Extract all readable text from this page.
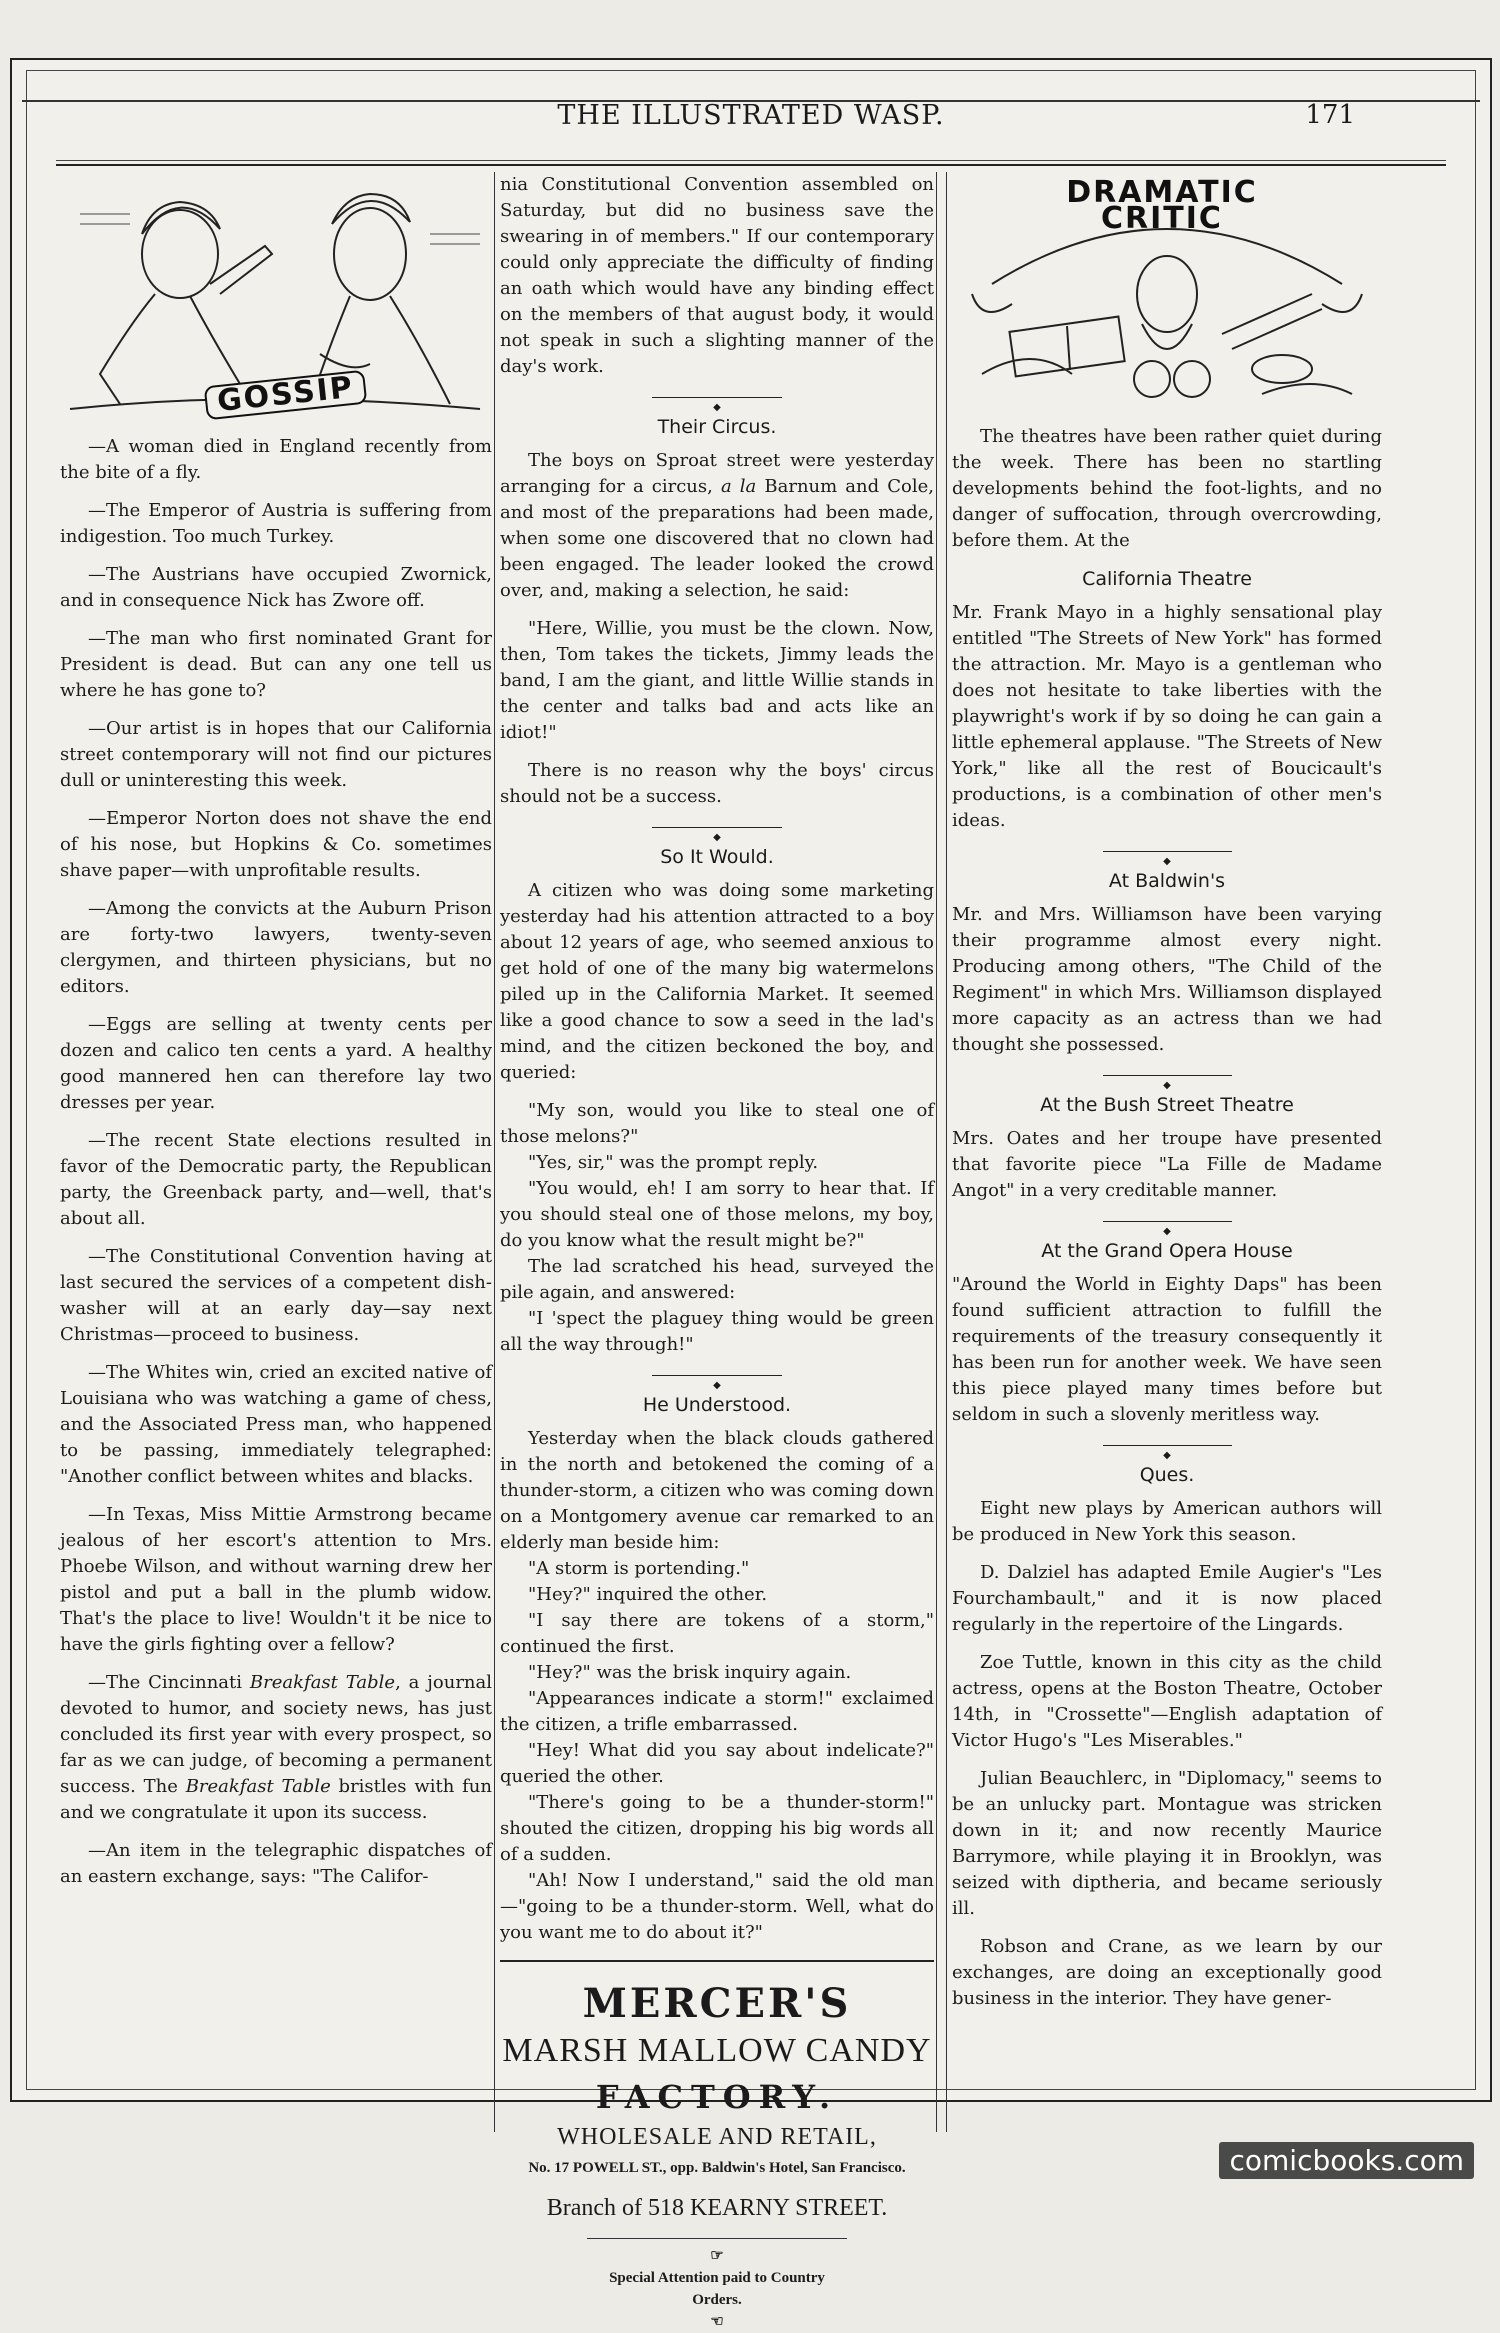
THE ILLUSTRATED WASP.	171
GOSSIP

—A woman died in England recently from the bite of a fly.

—The Emperor of Austria is suffering from indigestion. Too much Turkey.

—The Austrians have occupied Zwornick, and in consequence Nick has Zwore off.

—The man who first nominated Grant for President is dead. But can any one tell us where he has gone to?

—Our artist is in hopes that our California street contemporary will not find our pictures dull or uninteresting this week.

—Emperor Norton does not shave the end of his nose, but Hopkins & Co. sometimes shave paper—with unprofitable results.

—Among the convicts at the Auburn Prison are forty-two lawyers, twenty-seven clergymen, and thirteen physicians, but no editors.

—Eggs are selling at twenty cents per dozen and calico ten cents a yard. A healthy good mannered hen can therefore lay two dresses per year.

—The recent State elections resulted in favor of the Democratic party, the Republican party, the Greenback party, and—well, that's about all.

—The Constitutional Convention having at last secured the services of a competent dish-washer will at an early day—say next Christmas—proceed to business.

—The Whites win, cried an excited native of Louisiana who was watching a game of chess, and the Associated Press man, who happened to be passing, immediately telegraphed: "Another conflict between whites and blacks.

—In Texas, Miss Mittie Armstrong became jealous of her escort's attention to Mrs. Phoebe Wilson, and without warning drew her pistol and put a ball in the plumb widow. That's the place to live! Wouldn't it be nice to have the girls fighting over a fellow?

—The Cincinnati Breakfast Table, a journal devoted to humor, and society news, has just concluded its first year with every prospect, so far as we can judge, of becoming a permanent success. The Breakfast Table bristles with fun and we congratulate it upon its success.

—An item in the telegraphic dispatches of an eastern exchange, says: "The Califor-

nia Constitutional Convention assembled on Saturday, but did no business save the swearing in of members." If our contemporary could only appreciate the difficulty of finding an oath which would have any binding effect on the members of that august body, it would not speak in such a slighting manner of the day's work.

◆
Their Circus.

The boys on Sproat street were yesterday arranging for a circus, a la Barnum and Cole, and most of the preparations had been made, when some one discovered that no clown had been engaged. The leader looked the crowd over, and, making a selection, he said:

"Here, Willie, you must be the clown. Now, then, Tom takes the tickets, Jimmy leads the band, I am the giant, and little Willie stands in the center and talks bad and acts like an idiot!"

There is no reason why the boys' circus should not be a success.

◆
So It Would.

A citizen who was doing some marketing yesterday had his attention attracted to a boy about 12 years of age, who seemed anxious to get hold of one of the many big watermelons piled up in the California Market. It seemed like a good chance to sow a seed in the lad's mind, and the citizen beckoned the boy, and queried:

"My son, would you like to steal one of those melons?"

"Yes, sir," was the prompt reply.

"You would, eh! I am sorry to hear that. If you should steal one of those melons, my boy, do you know what the result might be?"

The lad scratched his head, surveyed the pile again, and answered:

"I 'spect the plaguey thing would be green all the way through!"

◆
He Understood.

Yesterday when the black clouds gathered in the north and betokened the coming of a thunder-storm, a citizen who was coming down on a Montgomery avenue car remarked to an elderly man beside him:

"A storm is portending."

"Hey?" inquired the other.

"I say there are tokens of a storm," continued the first.

"Hey?" was the brisk inquiry again.

"Appearances indicate a storm!" exclaimed the citizen, a trifle embarrassed.

"Hey! What did you say about indelicate?" queried the other.

"There's going to be a thunder-storm!" shouted the citizen, dropping his big words all of a sudden.

"Ah! Now I understand," said the old man —"going to be a thunder-storm. Well, what do you want me to do about it?"

MERCER'S
MARSH MALLOW CANDY
FACTORY.
WHOLESALE AND RETAIL,
No. 17 POWELL ST., opp. Baldwin's Hotel, San Francisco.
Branch of 518 KEARNY STREET.
☞ Special Attention paid to Country Orders. ☜
DRAMATIC CRITIC

The theatres have been rather quiet during the week. There has been no startling developments behind the foot-lights, and no danger of suffocation, through overcrowding, before them. At the

California Theatre

Mr. Frank Mayo in a highly sensational play entitled "The Streets of New York" has formed the attraction. Mr. Mayo is a gentleman who does not hesitate to take liberties with the playwright's work if by so doing he can gain a little ephemeral applause. "The Streets of New York," like all the rest of Boucicault's productions, is a combination of other men's ideas.

◆
At Baldwin's

Mr. and Mrs. Williamson have been varying their programme almost every night. Producing among others, "The Child of the Regiment" in which Mrs. Williamson displayed more capacity as an actress than we had thought she possessed.

◆
At the Bush Street Theatre

Mrs. Oates and her troupe have presented that favorite piece "La Fille de Madame Angot" in a very creditable manner.

◆
At the Grand Opera House

"Around the World in Eighty Daps" has been found sufficient attraction to fulfill the requirements of the treasury consequently it has been run for another week. We have seen this piece played many times before but seldom in such a slovenly meritless way.

◆
Ques.

Eight new plays by American authors will be produced in New York this season.

D. Dalziel has adapted Emile Augier's "Les Fourchambault," and it is now placed regularly in the repertoire of the Lingards.

Zoe Tuttle, known in this city as the child actress, opens at the Boston Theatre, October 14th, in "Crossette"—English adaptation of Victor Hugo's "Les Miserables."

Julian Beauchlerc, in "Diplomacy," seems to be an unlucky part. Montague was stricken down in it; and now recently Maurice Barrymore, while playing it in Brooklyn, was seized with diptheria, and became seriously ill.

Robson and Crane, as we learn by our exchanges, are doing an exceptionally good business in the interior. They have gener-

comicbooks.com
